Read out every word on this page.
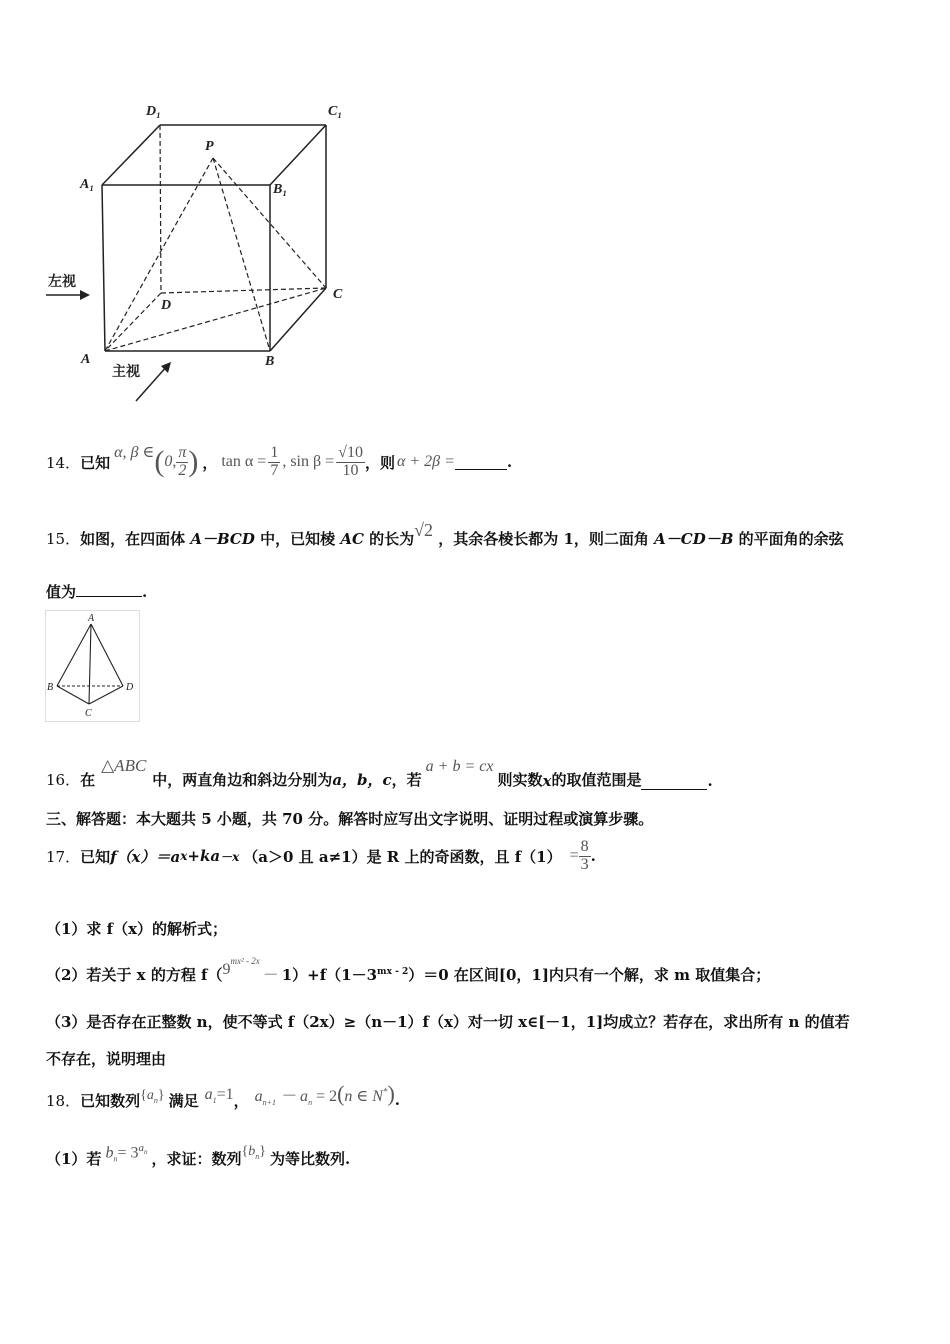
D₁	C₁
P
A₁	B₁
D
C
A	B
左视
主视
14． 已知
α, β ∈ ( 0, $\frac{\pi}{2}$ ) ， $\tan \alpha = \frac{1}{7}$ , $\sin \beta = \frac{√10}{10}$ ，则 α + 2β =	.
15．如图，在四面体 A－BCD 中，已知棱 AC 的长为√2 ，其余各棱长都为 1，则二面角 A－CD－B 的平面角的余弦
值为	.
A
B
C
D
16． 在
△ABC
中，两直角边和斜边分别为 a，b，c ，若
a + b = cx
则实数 x 的取值范围是	.
三、解答题：本大题共 5 小题，共 70 分。解答时应写出文字说明、证明过程或演算步骤。
17． 已知 f（x） ＝a x +ka －x （a＞0 且 a≠1）是 R 上的奇函数，且 $f(1) = \frac{8}{3}$ .
（1）求 f（x）的解析式；
（2）若关于 x 的方程 $f(9^{mx^2 - 2x}- 1)+f(1-3^{mx - 2})=0$ 在区间[0，1]内只有一个解，求 m 取值集合；
（3）是否存在正整数 n，使不等式 f（2x）≥（n－1）f（x）对一切 x∈[－1，1]均成立？若存在，求出所有 n 的值若
不存在，说明理由
18． 已知数列 $\{a_n\}$ 满足 $a_1=1$ ， $a_{n+1} - a_n = 2(n$ ∈ N*) .
（1）若 $b_n= 3^{a_n}$ ，求证：数列 $\{b_n\}$ 为等比数列.
